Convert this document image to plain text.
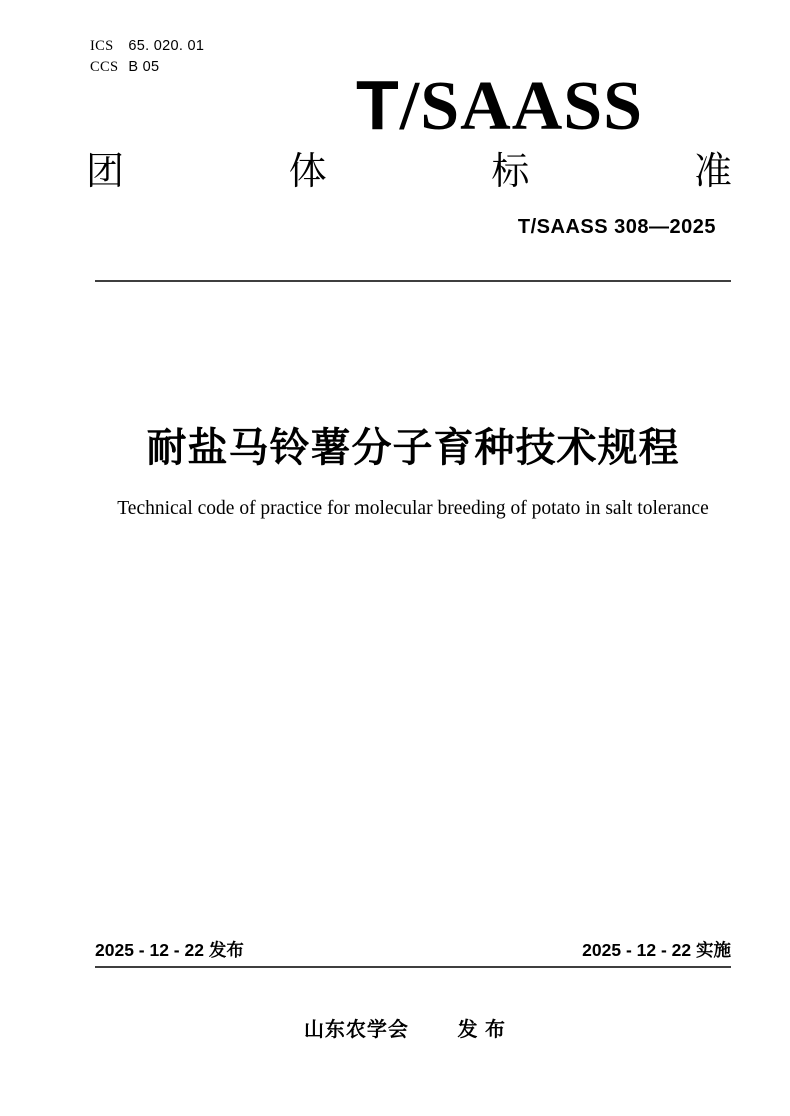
ICS 65. 020. 01
CCS B 05	T/SAASS
团	体	标	准
T/SAASS 308—2025
耐盐马铃薯分子育种技术规程
Technical code of practice for molecular breeding of potato in salt tolerance
2025 - 12 - 22 发布	2025 - 12 - 22 实施
山东农学会 发 布
